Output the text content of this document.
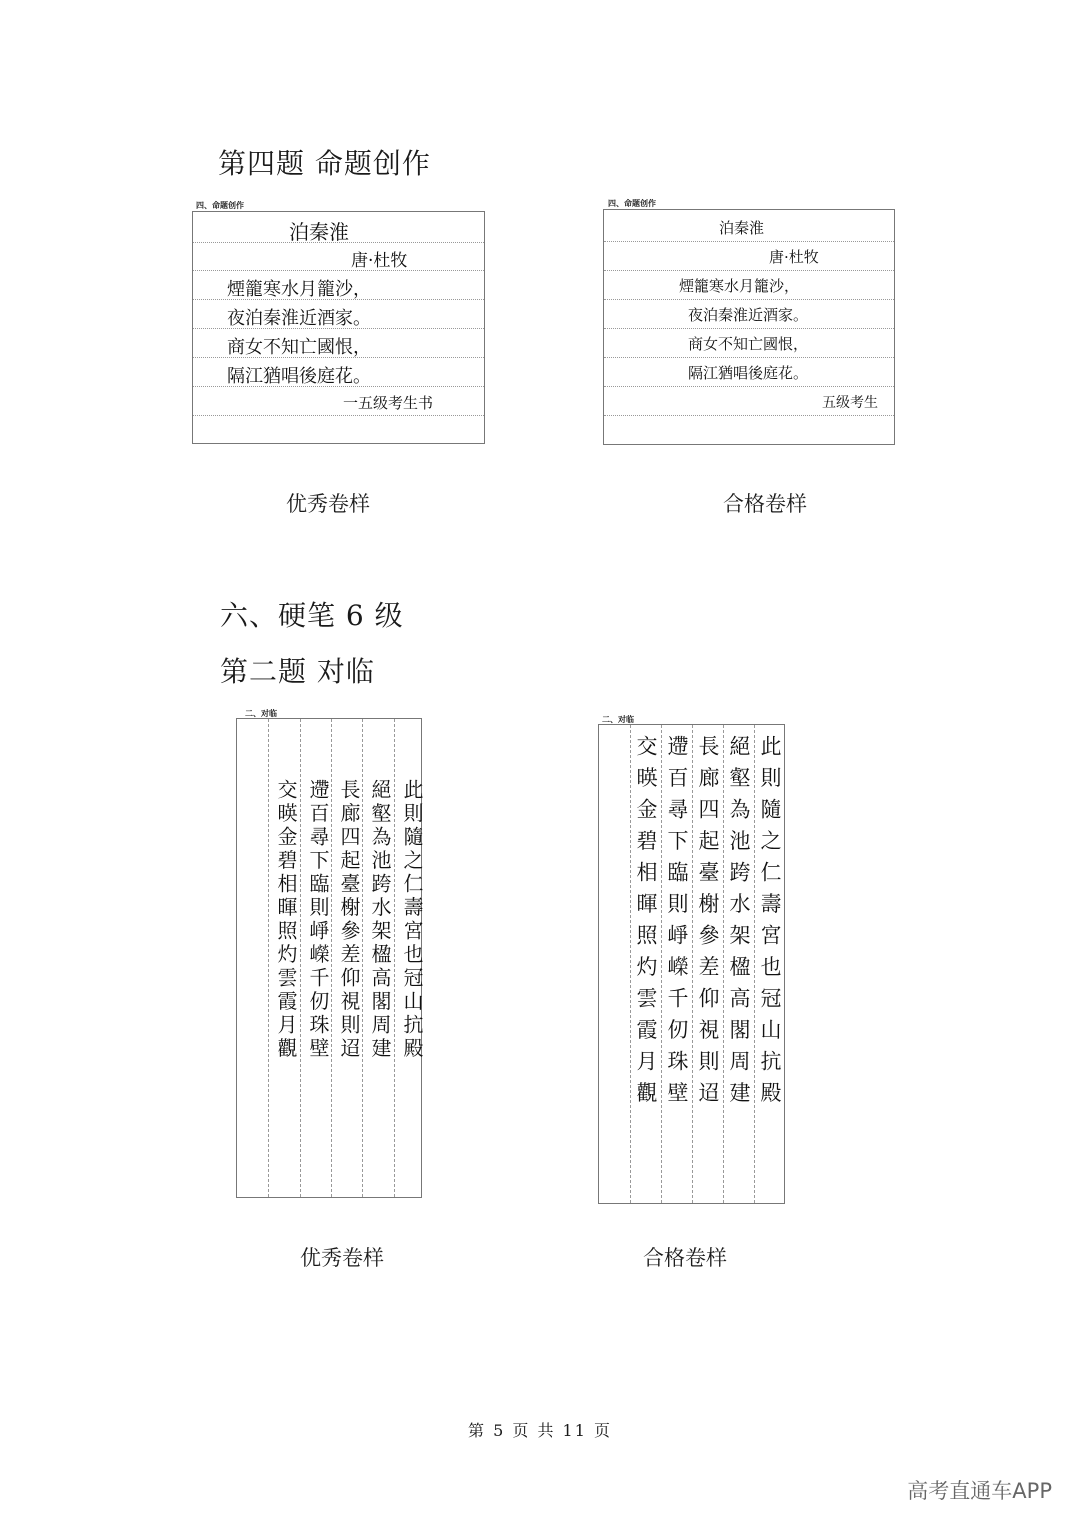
第四题 命题创作
四、命题创作
泊秦淮
唐·杜牧
煙籠寒水月籠沙，
夜泊秦淮近酒家。
商女不知亡國恨，
隔江猶唱後庭花。
一五级考生书
优秀卷样
四、命题创作
泊秦淮
唐·杜牧
煙籠寒水月籠沙，
夜泊秦淮近酒家。
商女不知亡國恨，
隔江猶唱後庭花。
五级考生
合格卷样
六、硬笔 6 级
第二题 对临
二、对临
此則隨之仁壽宮也冠山抗殿
絕壑為池跨水架楹高閣周建
長廊四起臺榭參差仰視則迢
遰百尋下臨則崢嶸千仞珠壁
交暎金碧相暉照灼雲霞月觀
优秀卷样
二、对临
此則隨之仁壽宮也冠山抗殿
絕壑為池跨水架楹高閣周建
長廊四起臺榭參差仰視則迢
遰百尋下臨則崢嶸千仞珠壁
交暎金碧相暉照灼雲霞月觀
合格卷样
第 5 页 共 11 页
高考直通车APP
